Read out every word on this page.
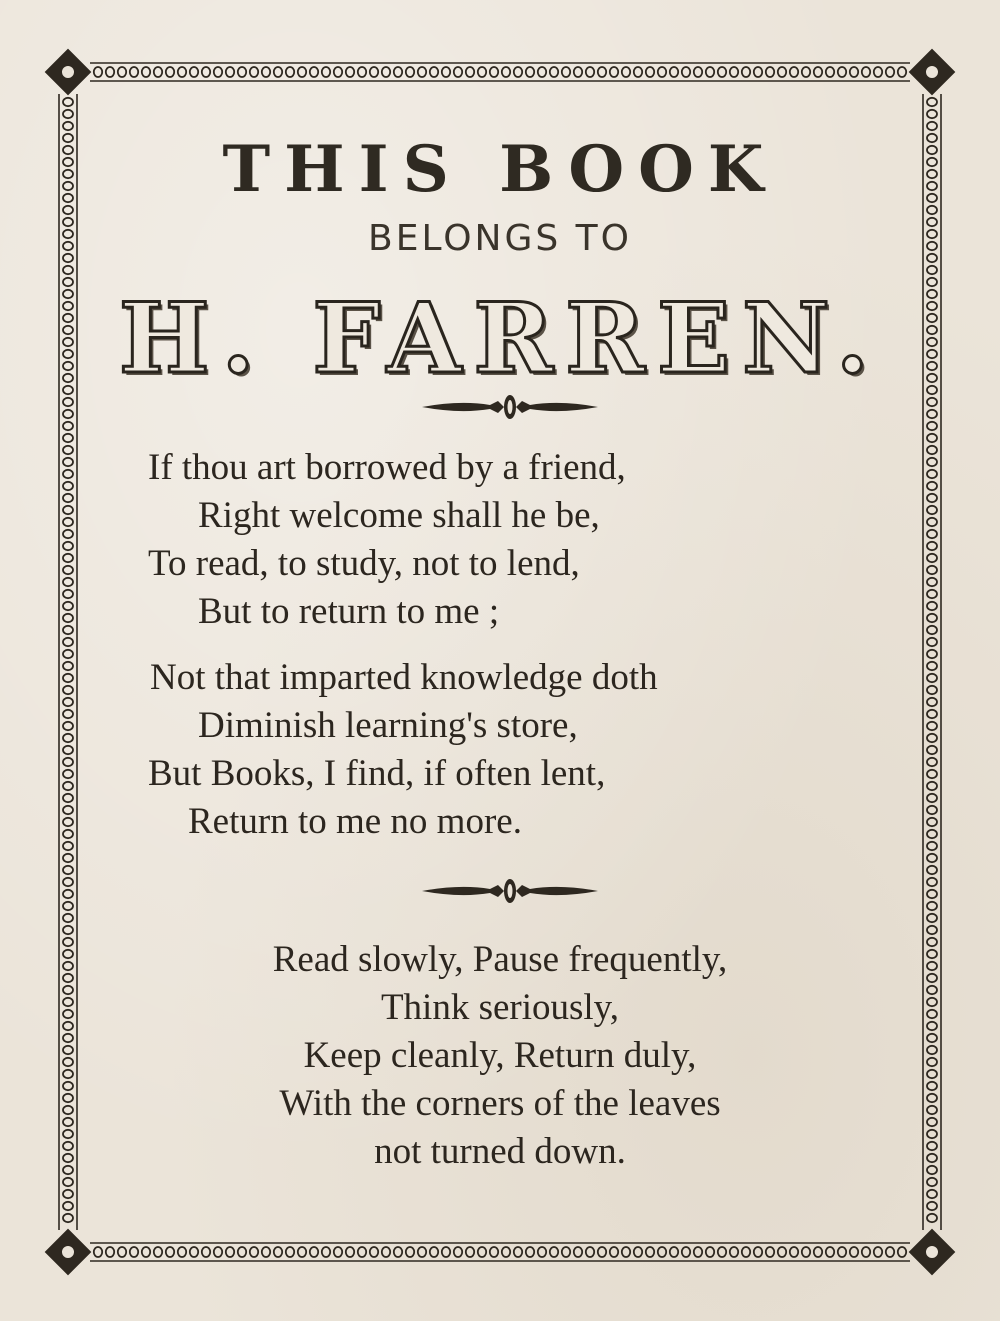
THIS BOOK
BELONGS TO
H. FARREN.
If thou art borrowed by a friend,
Right welcome shall he be,
To read, to study, not to lend,
But to return to me ;
Not that imparted knowledge doth
Diminish learning's store,
But Books, I find, if often lent,
Return to me no more.
Read slowly, Pause frequently,
Think seriously,
Keep cleanly, Return duly,
With the corners of the leaves
not turned down.
